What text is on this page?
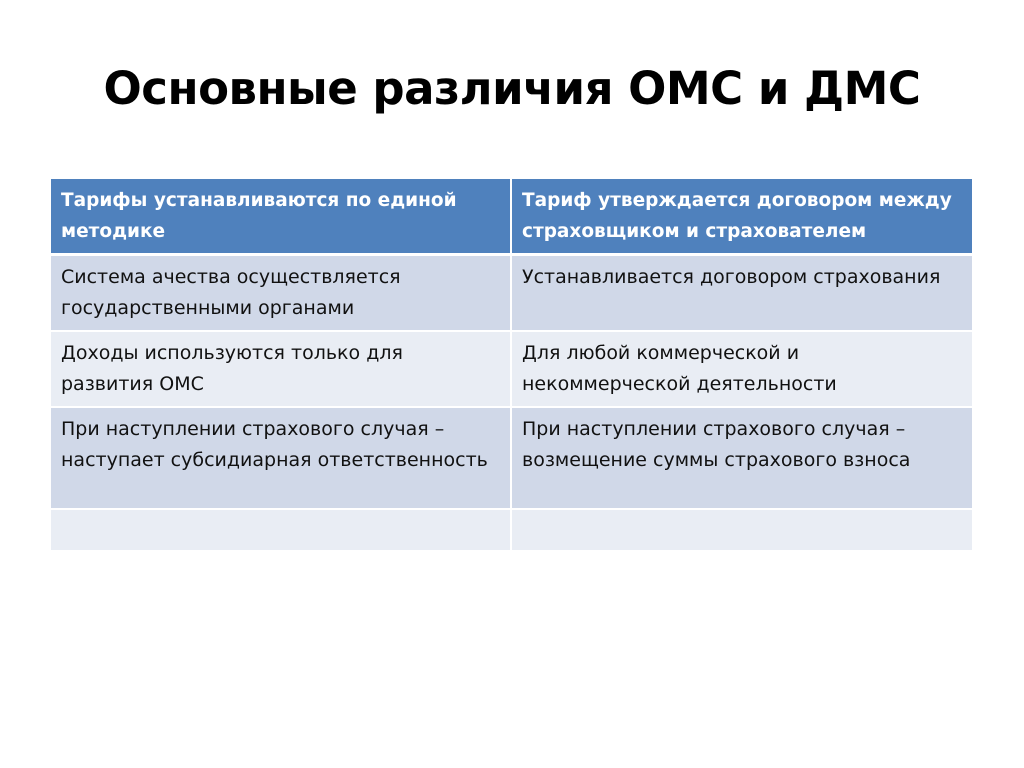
Основные различия ОМС и ДМС
Тарифы устанавливаются по единой методике	Тариф утверждается договором между страховщиком и страхователем
Система ачества осуществляется государственными органами	Устанавливается договором страхования
Доходы используются только для развития ОМС	Для любой коммерческой и некоммерческой деятельности
При наступлении страхового случая – наступает субсидиарная ответственность	При наступлении страхового случая – возмещение суммы страхового взноса
